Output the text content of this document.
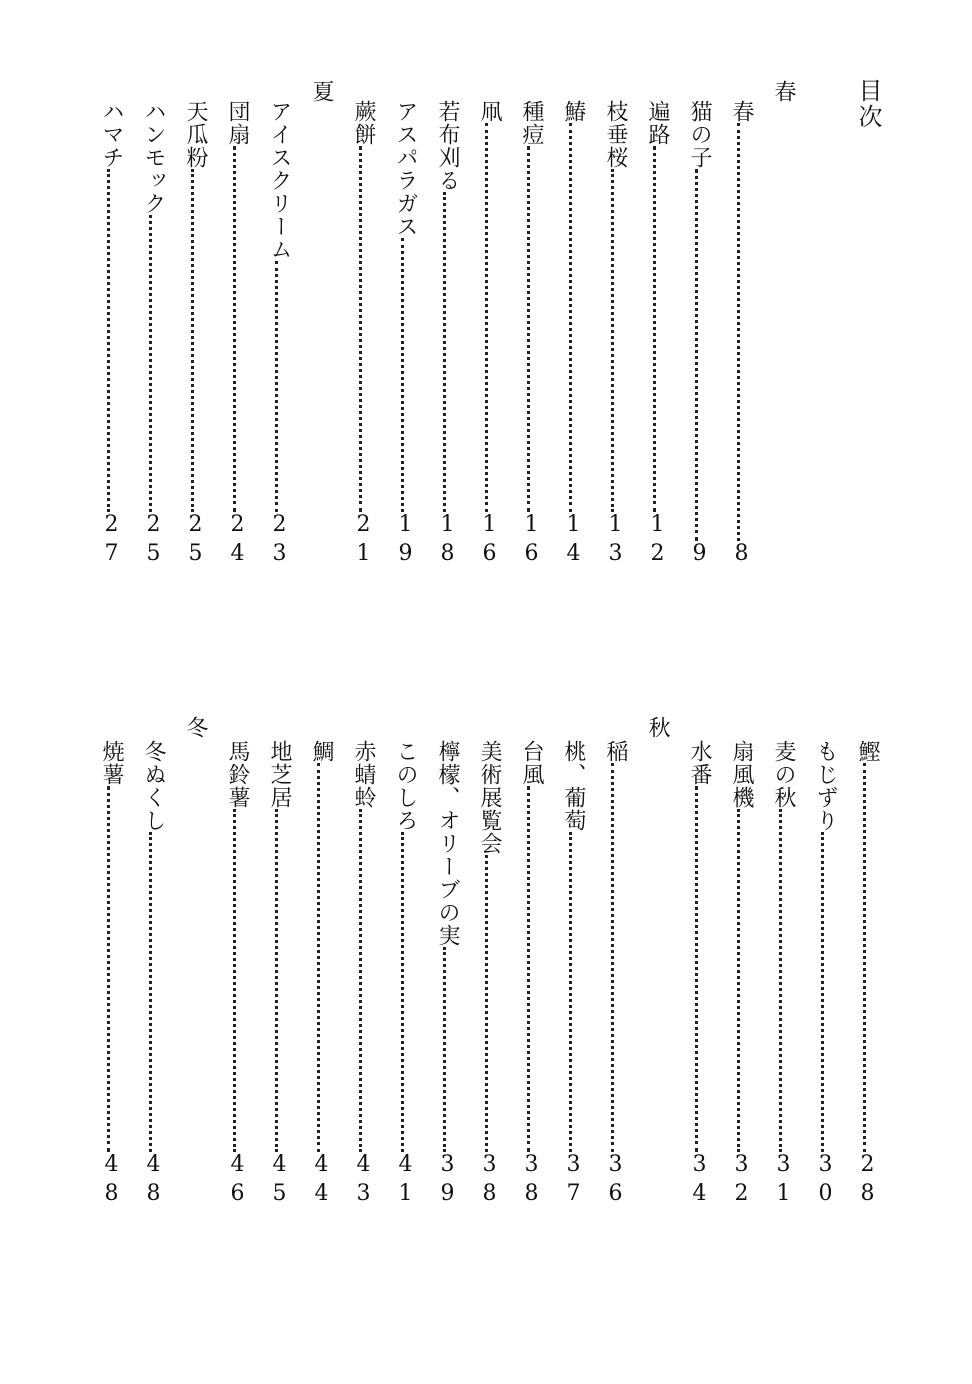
目次
春
春
8
猫の子
9
遍路
12
枝垂桜
13
鰆
14
種痘
16
凧
16
若布刈る
18
アスパラガス
19
蕨餅
21
夏
アイスクリーム
23
団扇
24
天瓜粉
25
ハンモック
25
ハマチ
27
鰹
28
もじずり
30
麦の秋
31
扇風機
32
水番
34
秋
稲
36
桃、葡萄
37
台風
38
美術展覧会
38
檸檬、オリーブの実
39
このしろ
41
赤蜻蛉
43
鯛
44
地芝居
45
馬鈴薯
46
冬
冬ぬくし
48
焼薯
48
